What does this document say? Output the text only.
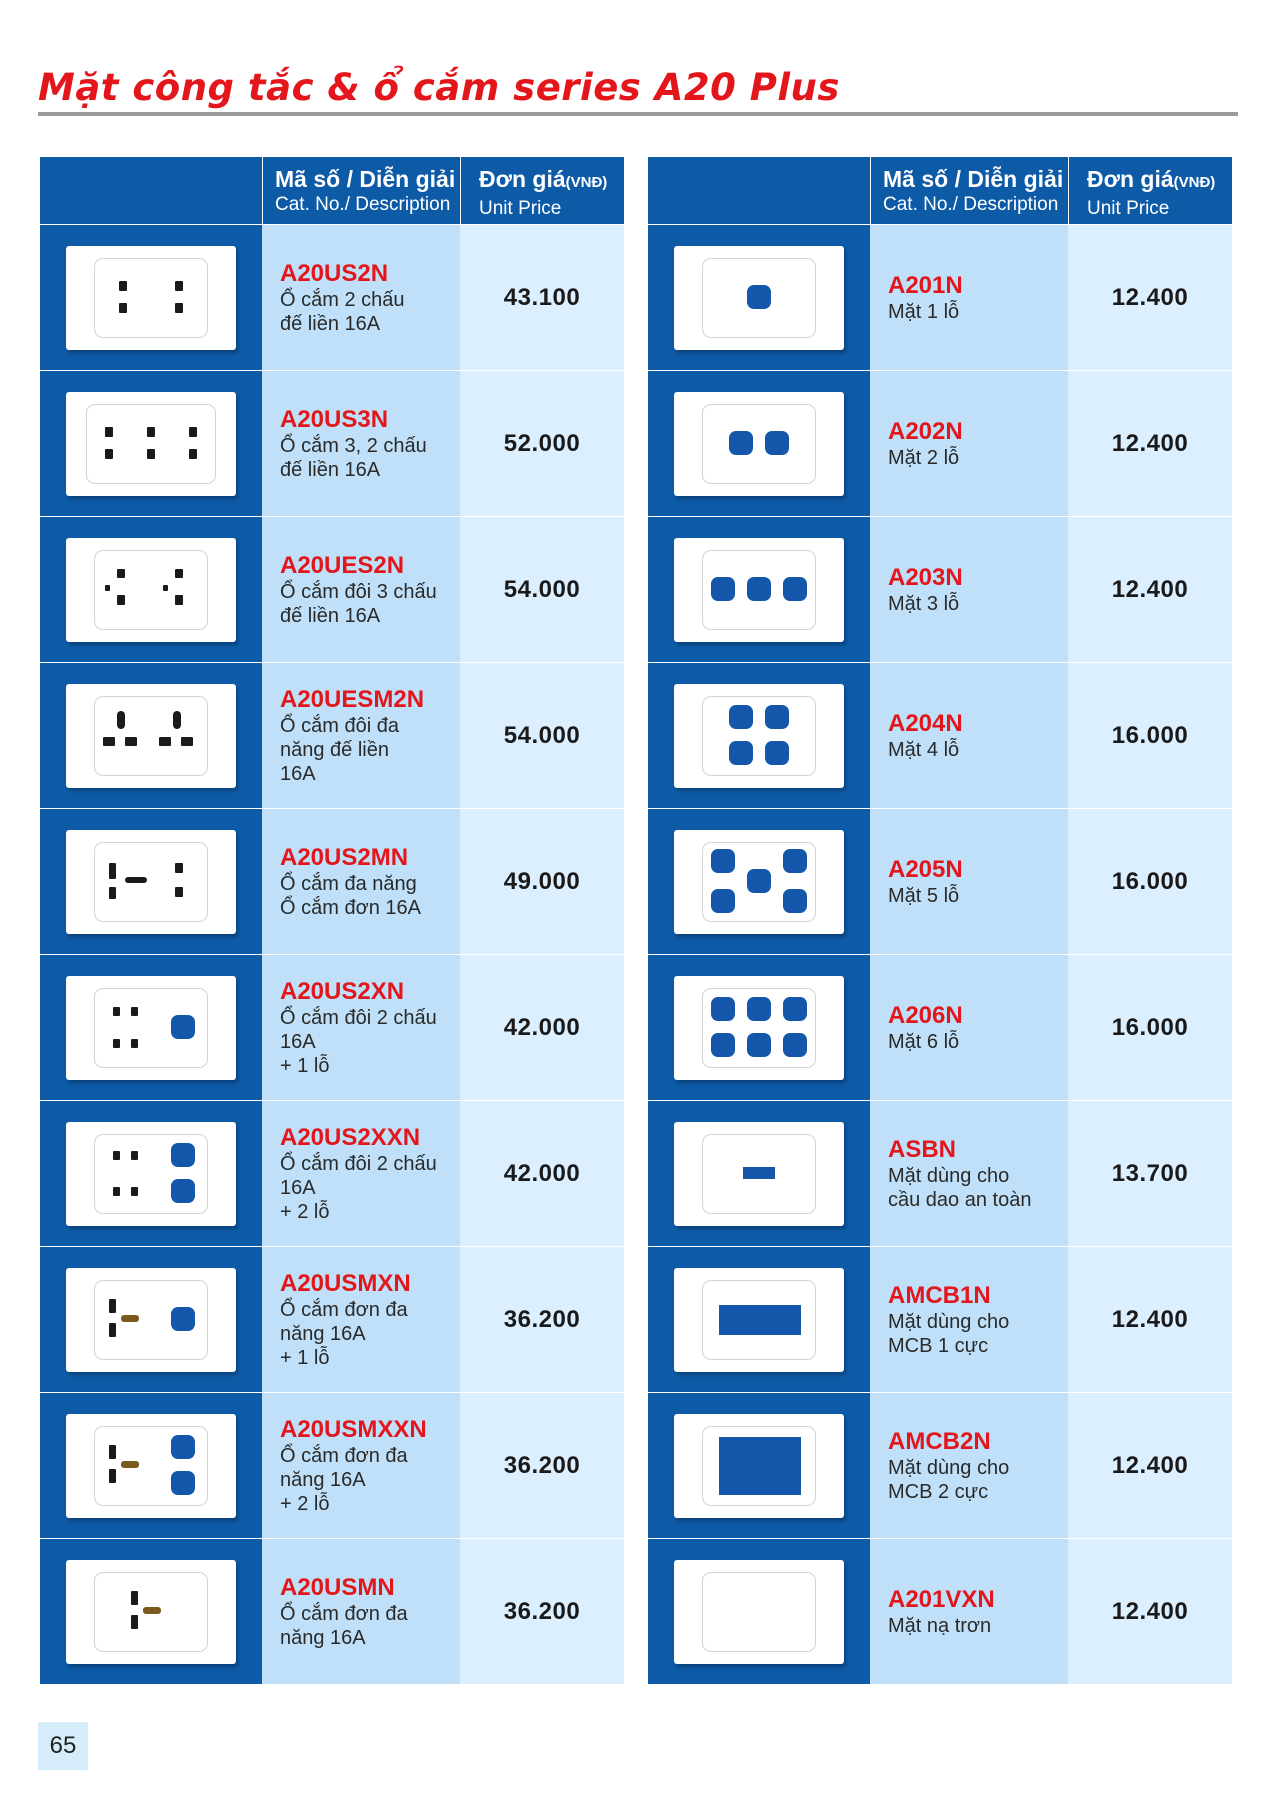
Mặt công tắc & ổ cắm series A20 Plus
Mã số / Diễn giải
Cat. No./ Description
Đơn giá(VNĐ)
Unit Price
A20US2N
Ổ cắm 2 chấu
đế liền 16A
43.100
A20US3N
Ổ cắm 3, 2 chấu
đế liền 16A
52.000
A20UES2N
Ổ cắm đôi 3 chấu
đế liền 16A
54.000
A20UESM2N
Ổ cắm đôi đa
năng đế liền
16A
54.000
A20US2MN
Ổ cắm đa năng
Ổ cắm đơn 16A
49.000
A20US2XN
Ổ cắm đôi 2 chấu
16A
+ 1 lỗ
42.000
A20US2XXN
Ổ cắm đôi 2 chấu
16A
+ 2 lỗ
42.000
A20USMXN
Ổ cắm đơn đa
năng 16A
+ 1 lỗ
36.200
A20USMXXN
Ổ cắm đơn đa
năng 16A
+ 2 lỗ
36.200
A20USMN
Ổ cắm đơn đa
năng 16A
36.200
Mã số / Diễn giải
Cat. No./ Description
Đơn giá(VNĐ)
Unit Price
A201N
Mặt 1 lỗ
12.400
A202N
Mặt 2 lỗ
12.400
A203N
Mặt 3 lỗ
12.400
A204N
Mặt 4 lỗ
16.000
A205N
Mặt 5 lỗ
16.000
A206N
Mặt 6 lỗ
16.000
ASBN
Mặt dùng cho
cầu dao an toàn
13.700
AMCB1N
Mặt dùng cho
MCB 1 cực
12.400
AMCB2N
Mặt dùng cho
MCB 2 cực
12.400
A201VXN
Mặt nạ trơn
12.400
65
